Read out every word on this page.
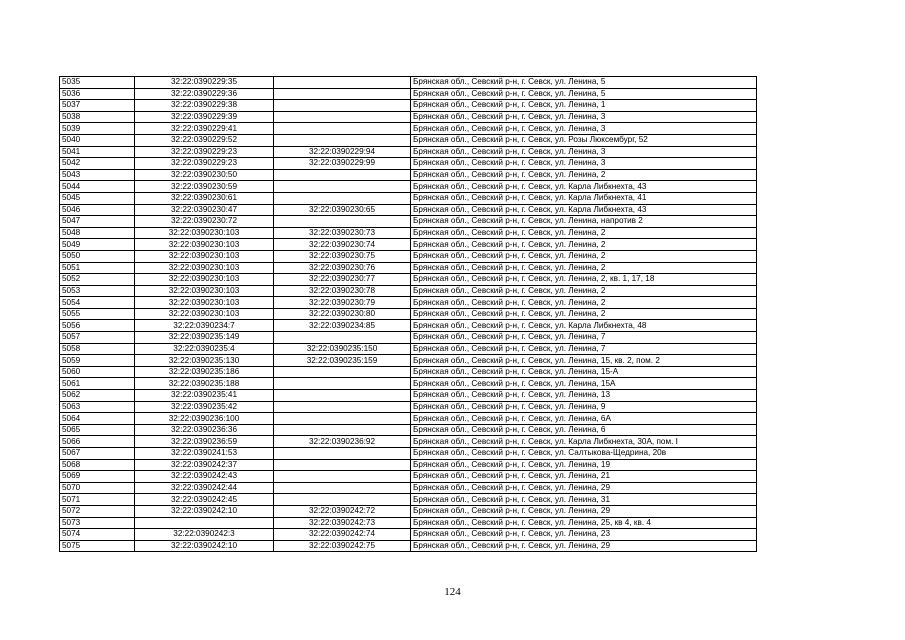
5035	32:22:0390229:35		Брянская обл., Севский р-н, г. Севск, ул. Ленина, 5
5036	32:22:0390229:36		Брянская обл., Севский р-н, г. Севск, ул. Ленина, 5
5037	32:22:0390229:38		Брянская обл., Севский р-н, г. Севск, ул. Ленина, 1
5038	32:22:0390229:39		Брянская обл., Севский р-н, г. Севск, ул. Ленина, 3
5039	32:22:0390229:41		Брянская обл., Севский р-н, г. Севск, ул. Ленина, 3
5040	32:22:0390229:52		Брянская обл., Севский р-н, г. Севск, ул. Розы Люксембург, 52
5041	32:22:0390229:23	32:22:0390229:94	Брянская обл., Севский р-н, г. Севск, ул. Ленина, 3
5042	32:22:0390229:23	32:22:0390229:99	Брянская обл., Севский р-н, г. Севск, ул. Ленина, 3
5043	32:22:0390230:50		Брянская обл., Севский р-н, г. Севск, ул. Ленина, 2
5044	32:22:0390230:59		Брянская обл., Севский р-н, г. Севск, ул. Карла Либкнехта, 43
5045	32:22:0390230:61		Брянская обл., Севский р-н, г. Севск, ул. Карла Либкнехта, 41
5046	32:22:0390230:47	32:22:0390230:65	Брянская обл., Севский р-н, г. Севск, ул. Карла Либкнехта, 43
5047	32:22:0390230:72		Брянская обл., Севский р-н, г. Севск, ул. Ленина, напротив 2
5048	32:22:0390230:103	32:22:0390230:73	Брянская обл., Севский р-н, г. Севск, ул. Ленина, 2
5049	32:22:0390230:103	32:22:0390230:74	Брянская обл., Севский р-н, г. Севск, ул. Ленина, 2
5050	32:22:0390230:103	32:22:0390230:75	Брянская обл., Севский р-н, г. Севск, ул. Ленина, 2
5051	32:22:0390230:103	32:22:0390230:76	Брянская обл., Севский р-н, г. Севск, ул. Ленина, 2
5052	32:22:0390230:103	32:22:0390230:77	Брянская обл., Севский р-н, г. Севск, ул. Ленина, 2, кв. 1, 17, 18
5053	32:22:0390230:103	32:22:0390230:78	Брянская обл., Севский р-н, г. Севск, ул. Ленина, 2
5054	32:22:0390230:103	32:22:0390230:79	Брянская обл., Севский р-н, г. Севск, ул. Ленина, 2
5055	32:22:0390230:103	32:22:0390230:80	Брянская обл., Севский р-н, г. Севск, ул. Ленина, 2
5056	32:22:0390234:7	32:22:0390234:85	Брянская обл., Севский р-н, г. Севск, ул. Карла Либкнехта, 48
5057	32:22:0390235:149		Брянская обл., Севский р-н, г. Севск, ул. Ленина, 7
5058	32:22:0390235:4	32:22:0390235:150	Брянская обл., Севский р-н, г. Севск, ул. Ленина, 7
5059	32:22:0390235:130	32:22:0390235:159	Брянская обл., Севский р-н, г. Севск, ул. Ленина, 15, кв. 2, пом. 2
5060	32:22:0390235:186		Брянская обл., Севский р-н, г. Севск, ул. Ленина, 15-А
5061	32:22:0390235:188		Брянская обл., Севский р-н, г. Севск, ул. Ленина, 15А
5062	32:22:0390235:41		Брянская обл., Севский р-н, г. Севск, ул. Ленина, 13
5063	32:22:0390235:42		Брянская обл., Севский р-н, г. Севск, ул. Ленина, 9
5064	32:22:0390236:100		Брянская обл., Севский р-н, г. Севск, ул. Ленина, 6А
5065	32:22:0390236:36		Брянская обл., Севский р-н, г. Севск, ул. Ленина, 6
5066	32:22:0390236:59	32:22:0390236:92	Брянская обл., Севский р-н, г. Севск, ул. Карла Либкнехта, 30А, пом. I
5067	32:22:0390241:53		Брянская обл., Севский р-н, г. Севск, ул. Салтыкова-Щедрина, 20в
5068	32:22:0390242:37		Брянская обл., Севский р-н, г. Севск, ул. Ленина, 19
5069	32:22:0390242:43		Брянская обл., Севский р-н, г. Севск, ул. Ленина, 21
5070	32:22:0390242:44		Брянская обл., Севский р-н, г. Севск, ул. Ленина, 29
5071	32:22:0390242:45		Брянская обл., Севский р-н, г. Севск, ул. Ленина, 31
5072	32:22:0390242:10	32:22:0390242:72	Брянская обл., Севский р-н, г. Севск, ул. Ленина, 29
5073		32:22:0390242:73	Брянская обл., Севский р-н, г. Севск, ул. Ленина, 25, кв 4, кв. 4
5074	32:22:0390242:3	32:22:0390242:74	Брянская обл., Севский р-н, г. Севск, ул. Ленина, 23
5075	32:22:0390242:10	32:22:0390242:75	Брянская обл., Севский р-н, г. Севск, ул. Ленина, 29
124
